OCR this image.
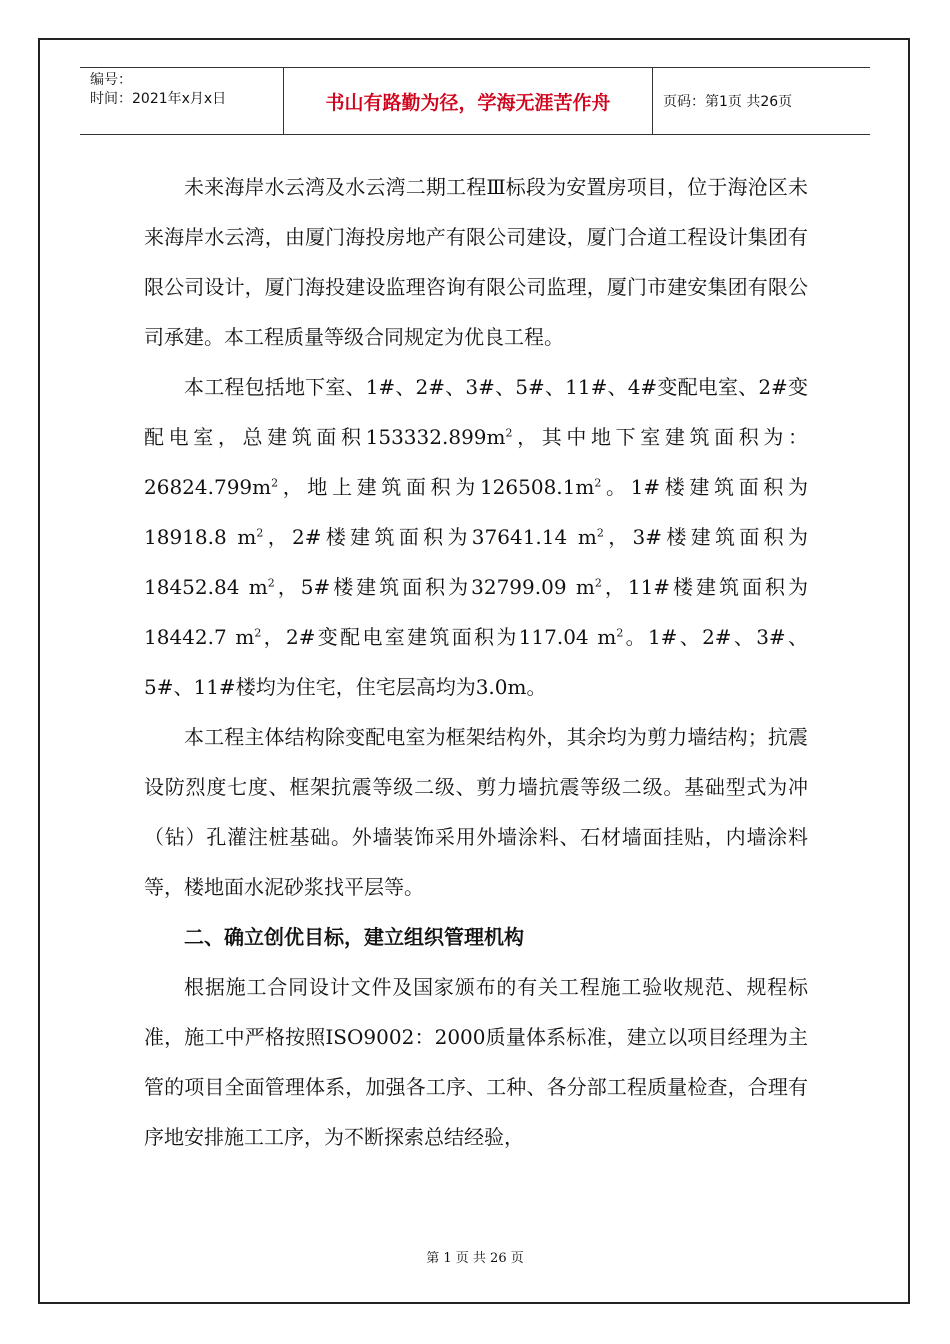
编号：
时间：2021年x月x日	书山有路勤为径，学海无涯苦作舟	页码：第1页 共26页

未来海岸水云湾及水云湾二期工程Ⅲ标段为安置房项目，位于海沧区未来海岸水云湾，由厦门海投房地产有限公司建设，厦门合道工程设计集团有限公司设计，厦门海投建设监理咨询有限公司监理，厦门市建安集团有限公司承建。本工程质量等级合同规定为优良工程。

本工程包括地下室、1#、2#、3#、5#、11#、4#变配电室、2#变配电室，总建筑面积$153332.899m^2$，其中地下室建筑面积为：$26824.799m^2$，地上建筑面积为$126508.1m^2$。1#楼建筑面积为18918.8 $m^2$，2#楼建筑面积为37641.14 $m^2$，3#楼建筑面积为18452.84 $m^2$，5#楼建筑面积为32799.09 $m^2$，11#楼建筑面积为18442.7 $m^2$，2#变配电室建筑面积为117.04 $m^2$。1#、2#、3#、5#、11#楼均为住宅，住宅层高均为3.0m。

本工程主体结构除变配电室为框架结构外，其余均为剪力墙结构；抗震设防烈度七度、框架抗震等级二级、剪力墙抗震等级二级。基础型式为冲（钻）孔灌注桩基础。外墙装饰采用外墙涂料、石材墙面挂贴，内墙涂料等，楼地面水泥砂浆找平层等。

二、确立创优目标，建立组织管理机构

根据施工合同设计文件及国家颁布的有关工程施工验收规范、规程标准，施工中严格按照ISO9002：2000质量体系标准，建立以项目经理为主管的项目全面管理体系，加强各工序、工种、各分部工程质量检查，合理有序地安排施工工序，为不断探索总结经验，

第 1 页 共 26 页
